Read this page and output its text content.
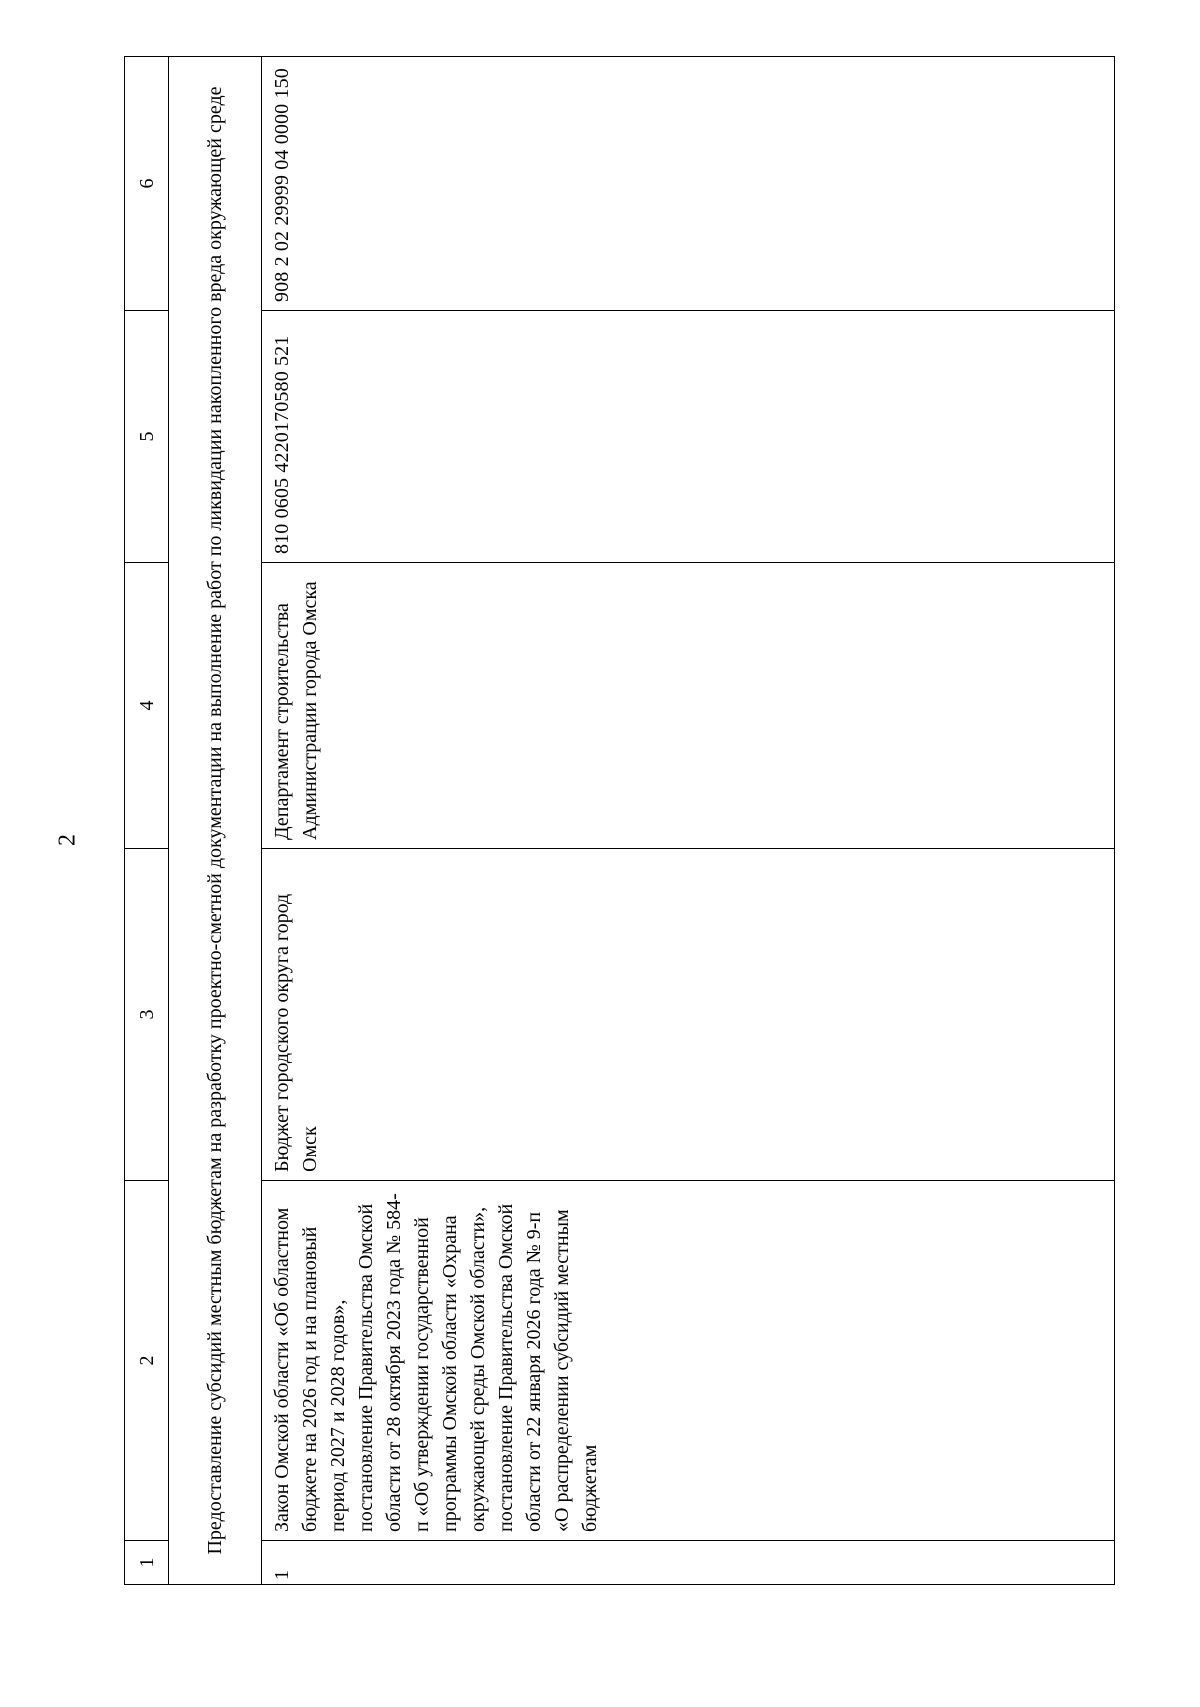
2
1	2	3	4	5	6
Предоставление субсидий местным бюджетам на разработку проектно-сметной документации на выполнение работ по ликвидации накопленного вреда окружающей среде					
1	Закон Омской области «Об областном бюджете на 2026 год и на плановый период 2027 и 2028 годов», постановление Правительства Омской области от 28 октября 2023 года № 584-п «Об утверждении государственной программы Омской области «Охрана окружающей среды Омской области», постановление Правительства Омской области от 22 января 2026 года № 9-п «О распределении субсидий местным бюджетам	Бюджет городского округа город Омск	Департамент строительства Администрации города Омска	810 0605 4220170580 521	908 2 02 29999 04 0000 150
